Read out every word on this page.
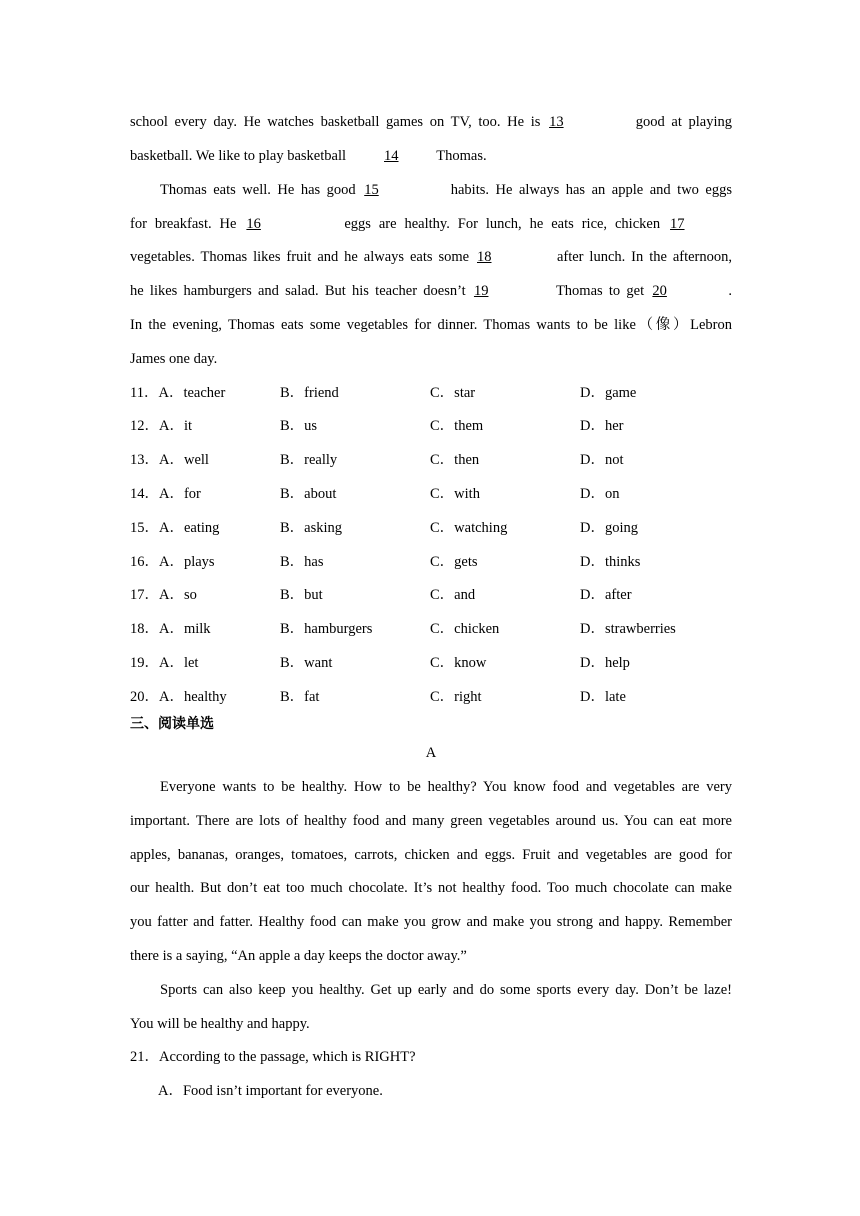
school every day. He watches basketball games on TV, too. He is 13	good at playing
basketball. We like to play basketball	14	Thomas.
Thomas eats well. He has good 15	habits. He always has an apple and two eggs
for breakfast. He 16	eggs are healthy. For lunch, he eats rice, chicken 17
vegetables. Thomas likes fruit and he always eats some 18	after lunch. In the afternoon,
he likes hamburgers and salad. But his teacher doesn’t 19	Thomas to get 20	.
In the evening, Thomas eats some vegetables for dinner. Thomas wants to be like（像）Lebron
James one day.
11．A．teacher	B．friend	C．star	D．game
12．A．it	B．us	C．them	D．her
13．A．well	B．really	C．then	D．not
14．A．for	B．about	C．with	D．on
15．A．eating	B．asking	C．watching	D．going
16．A．plays	B．has	C．gets	D．thinks
17．A．so	B．but	C．and	D．after
18．A．milk	B．hamburgers	C．chicken	D．strawberries
19．A．let	B．want	C．know	D．help
20．A．healthy	B．fat	C．right	D．late
三、阅读单选
A
Everyone wants to be healthy. How to be healthy? You know food and vegetables are very
important. There are lots of healthy food and many green vegetables around us. You can eat more
apples, bananas, oranges, tomatoes, carrots, chicken and eggs. Fruit and vegetables are good for
our health. But don’t eat too much chocolate. It’s not healthy food. Too much chocolate can make
you fatter and fatter. Healthy food can make you grow and make you strong and happy. Remember
there is a saying, “An apple a day keeps the doctor away.”
Sports can also keep you healthy. Get up early and do some sports every day. Don’t be laze!
You will be healthy and happy.
21．According to the passage, which is RIGHT?
A．Food isn’t important for everyone.
